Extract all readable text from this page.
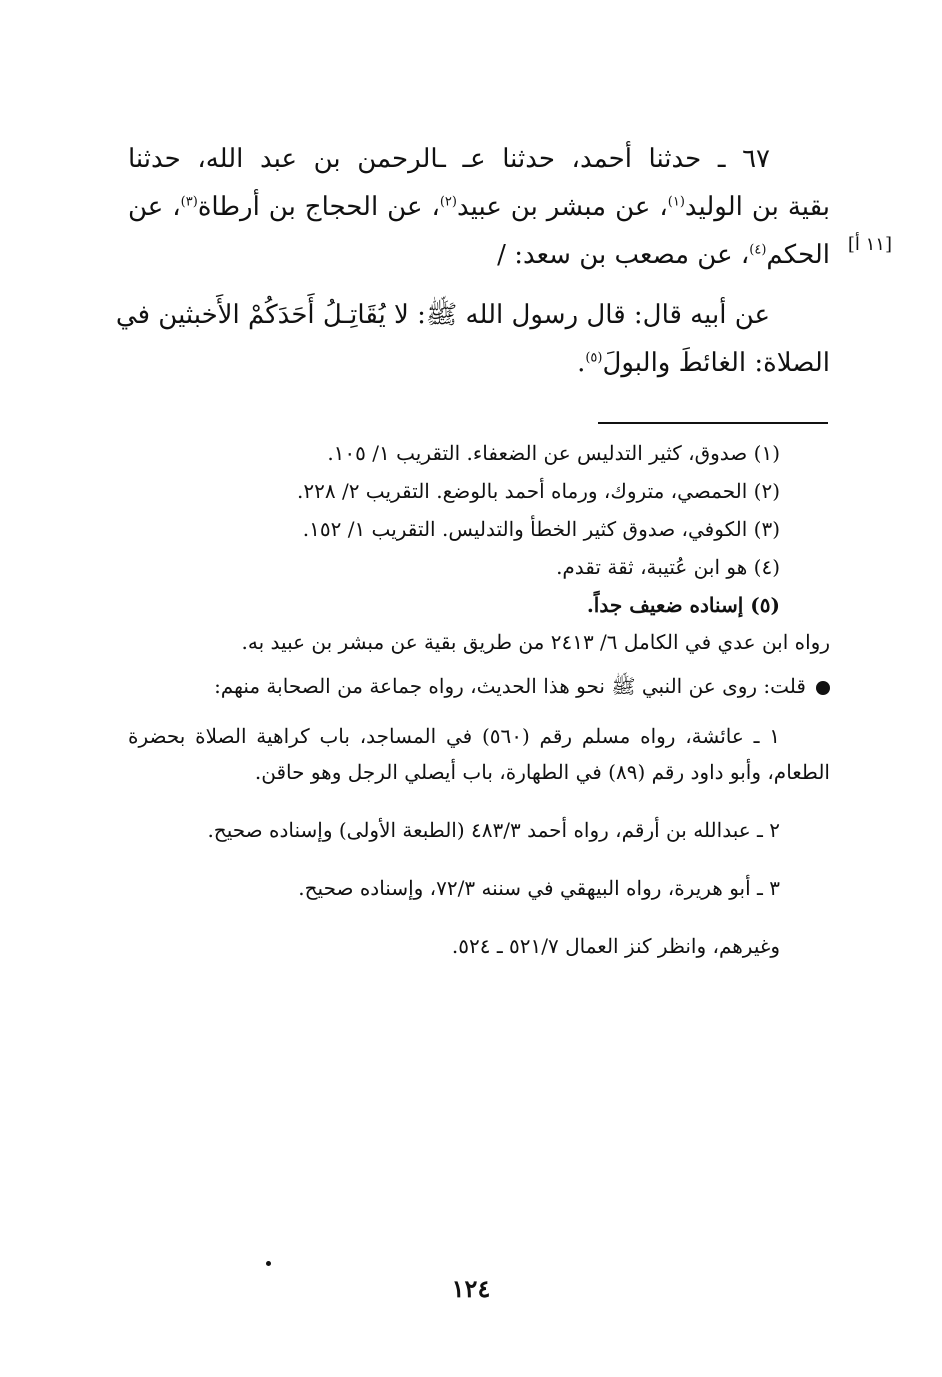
٦٧ ـ حدثنا أحمد، حدثنا عـ ـالرحمن بن عبد الله، حدثنا
بقية بن الوليد$^{(١)}$، عن مبشر بن عبيد$^{(٢)}$، عن الحجاج بن أرطاة$^{(٣)}$، عن
الحكم$^{(٤)}$، عن مصعب بن سعد: /
عن أبيه قال: قال رسول الله ﷺ: لا يُقَاتِـلُ أَحَدَكُمْ الأَخبثين في
الصلاة: الغائطَ والبولَ$^{(٥)}$.
[١١ أ]
(١) صدوق، كثير التدليس عن الضعفاء. التقريب ١/ ١٠٥.
(٢) الحمصي، متروك، ورماه أحمد بالوضع. التقريب ٢/ ٢٢٨.
(٣) الكوفي، صدوق كثير الخطأ والتدليس. التقريب ١/ ١٥٢.
(٤) هو ابن عُتيبة، ثقة تقدم.
(٥) إسناده ضعيف جداً.
رواه ابن عدي في الكامل ٦/ ٢٤١٣ من طريق بقية عن مبشر بن عبيد به.
قلت: روى عن النبي ﷺ نحو هذا الحديث، رواه جماعة من الصحابة منهم:
١ ـ عائشة، رواه مسلم رقم (٥٦٠) في المساجد، باب كراهية الصلاة بحضرة
الطعام، وأبو داود رقم (٨٩) في الطهارة، باب أيصلي الرجل وهو حاقن.
٢ ـ عبدالله بن أرقم، رواه أحمد ٤٨٣/٣ (الطبعة الأولى) وإسناده صحيح.
٣ ـ أبو هريرة، رواه البيهقي في سننه ٧٢/٣، وإسناده صحيح.
وغيرهم، وانظر كنز العمال ٥٢١/٧ ـ ٥٢٤.
١٢٤
